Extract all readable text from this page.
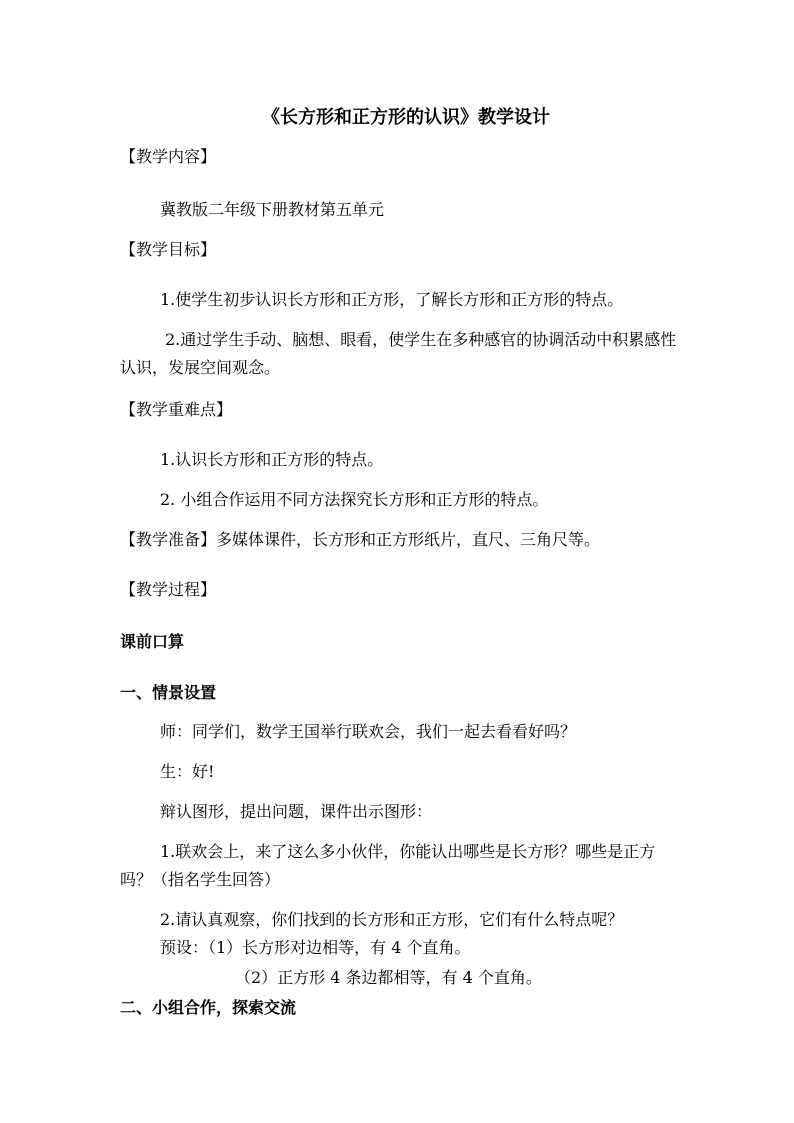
《长方形和正方形的认识》教学设计
【教学内容】
冀教版二年级下册教材第五单元
【教学目标】
1.使学生初步认识长方形和正方形，了解长方形和正方形的特点。
2.通过学生手动、脑想、眼看，使学生在多种感官的协调活动中积累感性
认识，发展空间观念。
【教学重难点】
1.认识长方形和正方形的特点。
2. 小组合作运用不同方法探究长方形和正方形的特点。
【教学准备】多媒体课件，长方形和正方形纸片，直尺、三角尺等。
【教学过程】
课前口算
一、情景设置
师：同学们，数学王国举行联欢会，我们一起去看看好吗？
生：好!
辩认图形，提出问题，课件出示图形：
1.联欢会上，来了这么多小伙伴，你能认出哪些是长方形？哪些是正方
吗？（指名学生回答）
2.请认真观察，你们找到的长方形和正方形，它们有什么特点呢？
预设：（1）长方形对边相等，有 4 个直角。
（2）正方形 4 条边都相等，有 4 个直角。
二、小组合作，探索交流
